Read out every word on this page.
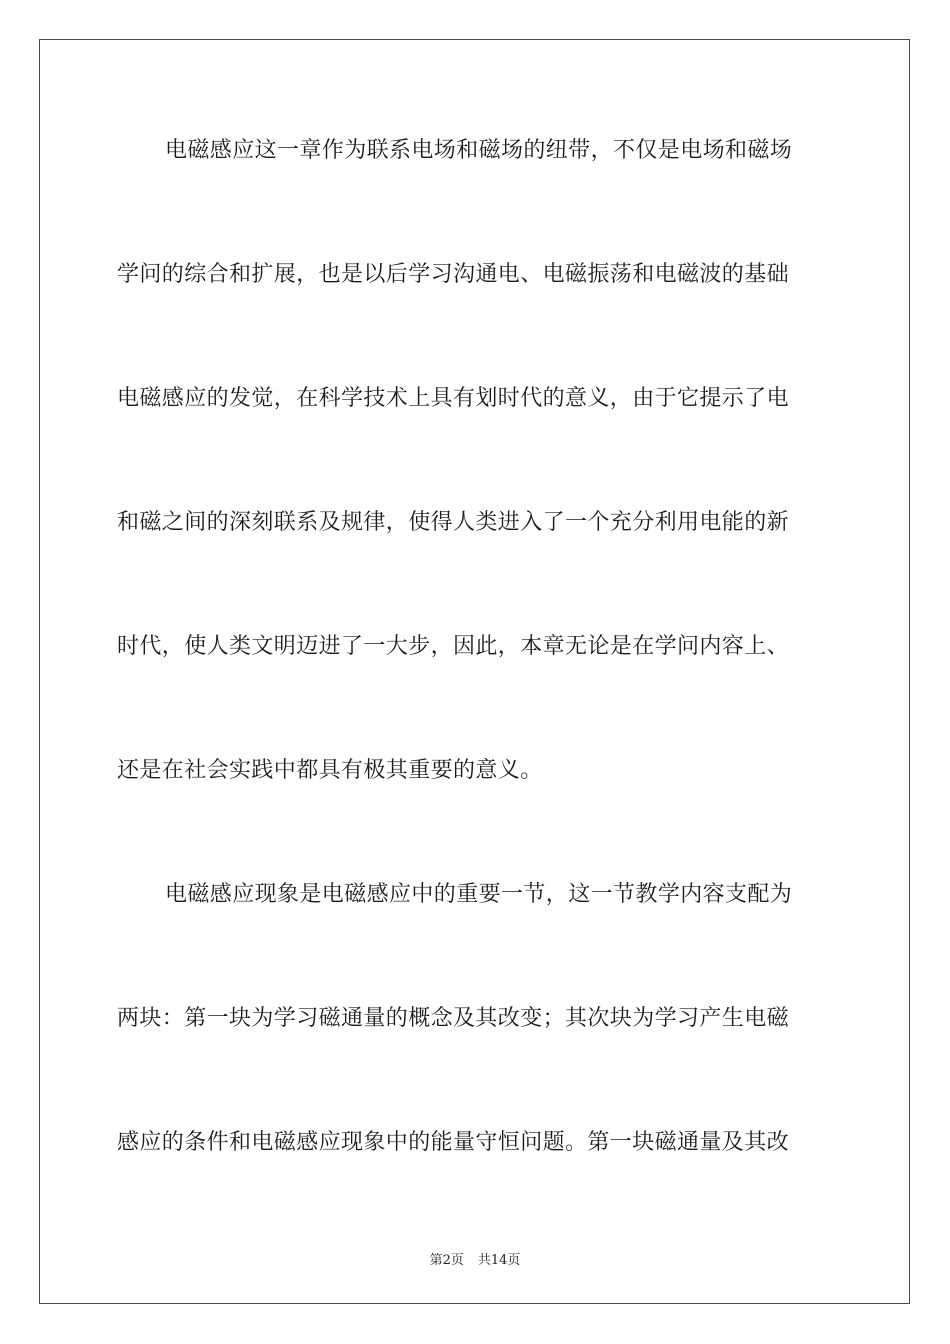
电磁感应这一章作为联系电场和磁场的纽带，不仅是电场和磁场
学问的综合和扩展，也是以后学习沟通电、电磁振荡和电磁波的基础
电磁感应的发觉，在科学技术上具有划时代的意义，由于它提示了电
和磁之间的深刻联系及规律，使得人类进入了一个充分利用电能的新
时代，使人类文明迈进了一大步，因此，本章无论是在学问内容上、
还是在社会实践中都具有极其重要的意义。
电磁感应现象是电磁感应中的重要一节，这一节教学内容支配为
两块：第一块为学习磁通量的概念及其改变；其次块为学习产生电磁
感应的条件和电磁感应现象中的能量守恒问题。第一块磁通量及其改
第2页 共14页
